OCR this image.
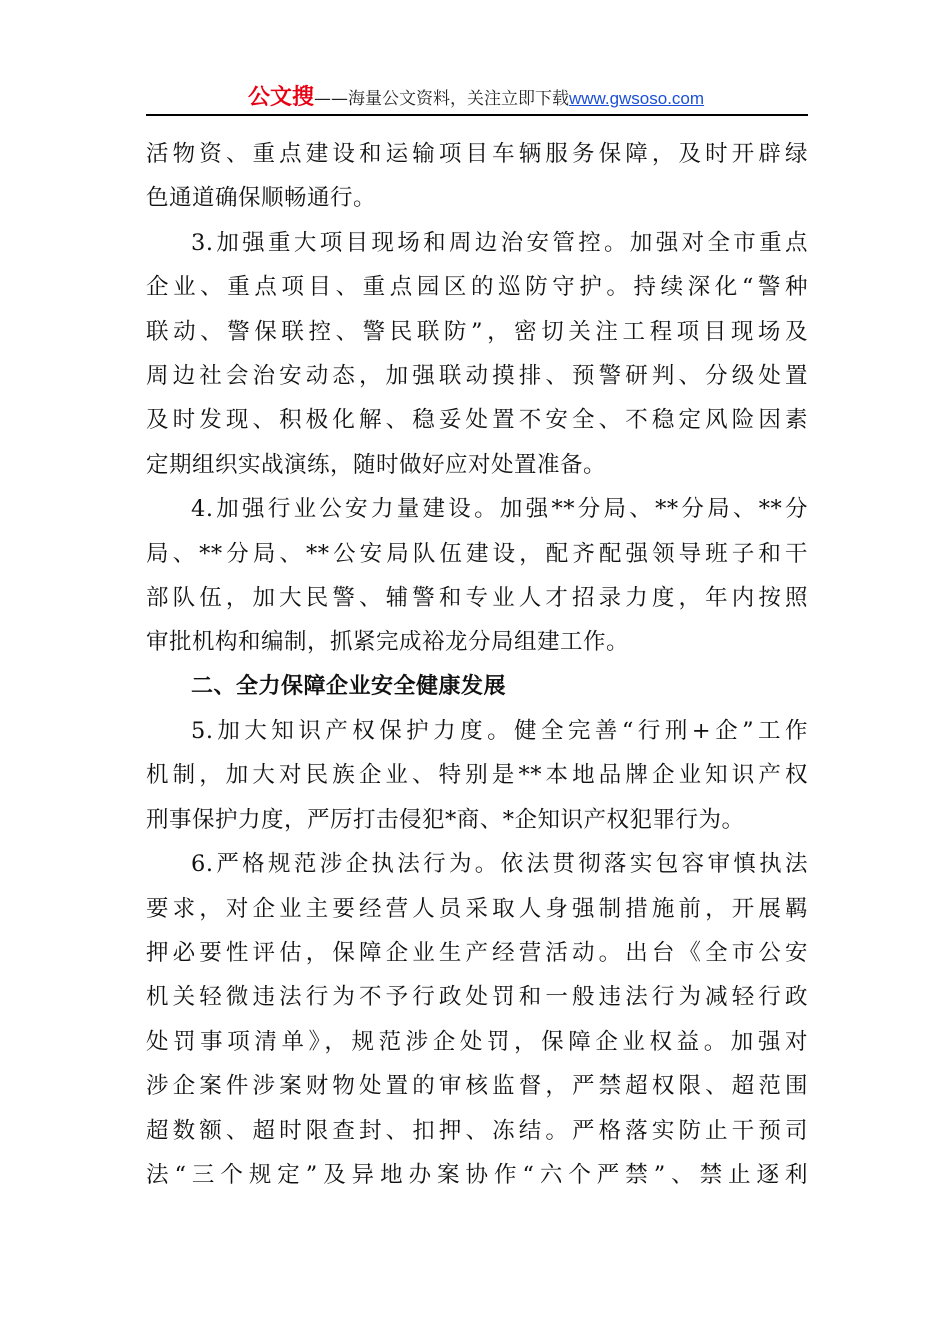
公文搜——海量公文资料，关注立即下载www.gwsoso.com
活物资、重点建设和运输项目车辆服务保障，及时开辟绿
色通道确保顺畅通行。
3.加强重大项目现场和周边治安管控。加强对全市重点
企业、重点项目、重点园区的巡防守护。持续深化“警种
联动、警保联控、警民联防”，密切关注工程项目现场及
周边社会治安动态，加强联动摸排、预警研判、分级处置
及时发现、积极化解、稳妥处置不安全、不稳定风险因素
定期组织实战演练，随时做好应对处置准备。
4.加强行业公安力量建设。加强**分局、**分局、**分
局、**分局、**公安局队伍建设，配齐配强领导班子和干
部队伍，加大民警、辅警和专业人才招录力度，年内按照
审批机构和编制，抓紧完成裕龙分局组建工作。
二、全力保障企业安全健康发展
5.加大知识产权保护力度。健全完善“行刑+企”工作
机制，加大对民族企业、特别是**本地品牌企业知识产权
刑事保护力度，严厉打击侵犯*商、*企知识产权犯罪行为。
6.严格规范涉企执法行为。依法贯彻落实包容审慎执法
要求，对企业主要经营人员采取人身强制措施前，开展羁
押必要性评估，保障企业生产经营活动。出台《全市公安
机关轻微违法行为不予行政处罚和一般违法行为减轻行政
处罚事项清单》，规范涉企处罚，保障企业权益。加强对
涉企案件涉案财物处置的审核监督，严禁超权限、超范围
超数额、超时限查封、扣押、冻结。严格落实防止干预司
法“三个规定”及异地办案协作“六个严禁”、禁止逐利
